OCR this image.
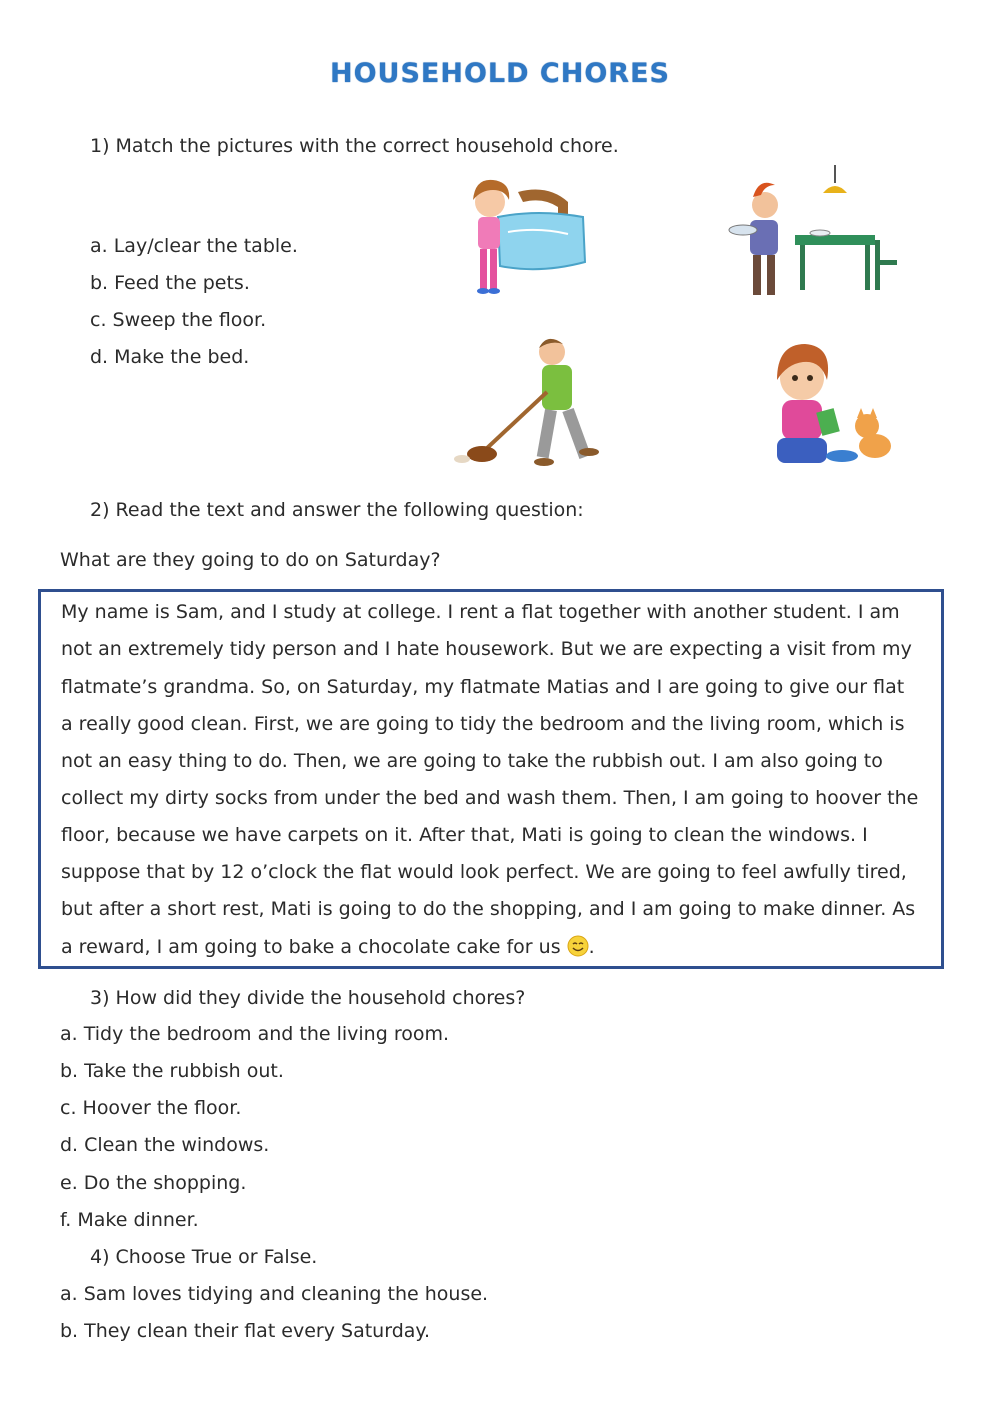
HOUSEHOLD CHORES
1) Match the pictures with the correct household chore.
a. Lay/clear the table.
b. Feed the pets.
c. Sweep the floor.
d. Make the bed.
2) Read the text and answer the following question:
What are they going to do on Saturday?
My name is Sam, and I study at college. I rent a flat together with another student. I am
not an extremely tidy person and I hate housework. But we are expecting a visit from my
flatmate’s grandma. So, on Saturday, my flatmate Matias and I are going to give our flat
a really good clean. First, we are going to tidy the bedroom and the living room, which is
not an easy thing to do. Then, we are going to take the rubbish out. I am also going to
collect my dirty socks from under the bed and wash them. Then, I am going to hoover the
floor, because we have carpets on it. After that, Mati is going to clean the windows. I
suppose that by 12 o’clock the flat would look perfect. We are going to feel awfully tired,
but after a short rest, Mati is going to do the shopping, and I am going to make dinner. As
a reward, I am going to bake a chocolate cake for us .
3) How did they divide the household chores?
a. Tidy the bedroom and the living room.
b. Take the rubbish out.
c. Hoover the floor.
d. Clean the windows.
e. Do the shopping.
f. Make dinner.
4) Choose True or False.
a. Sam loves tidying and cleaning the house.
b. They clean their flat every Saturday.
